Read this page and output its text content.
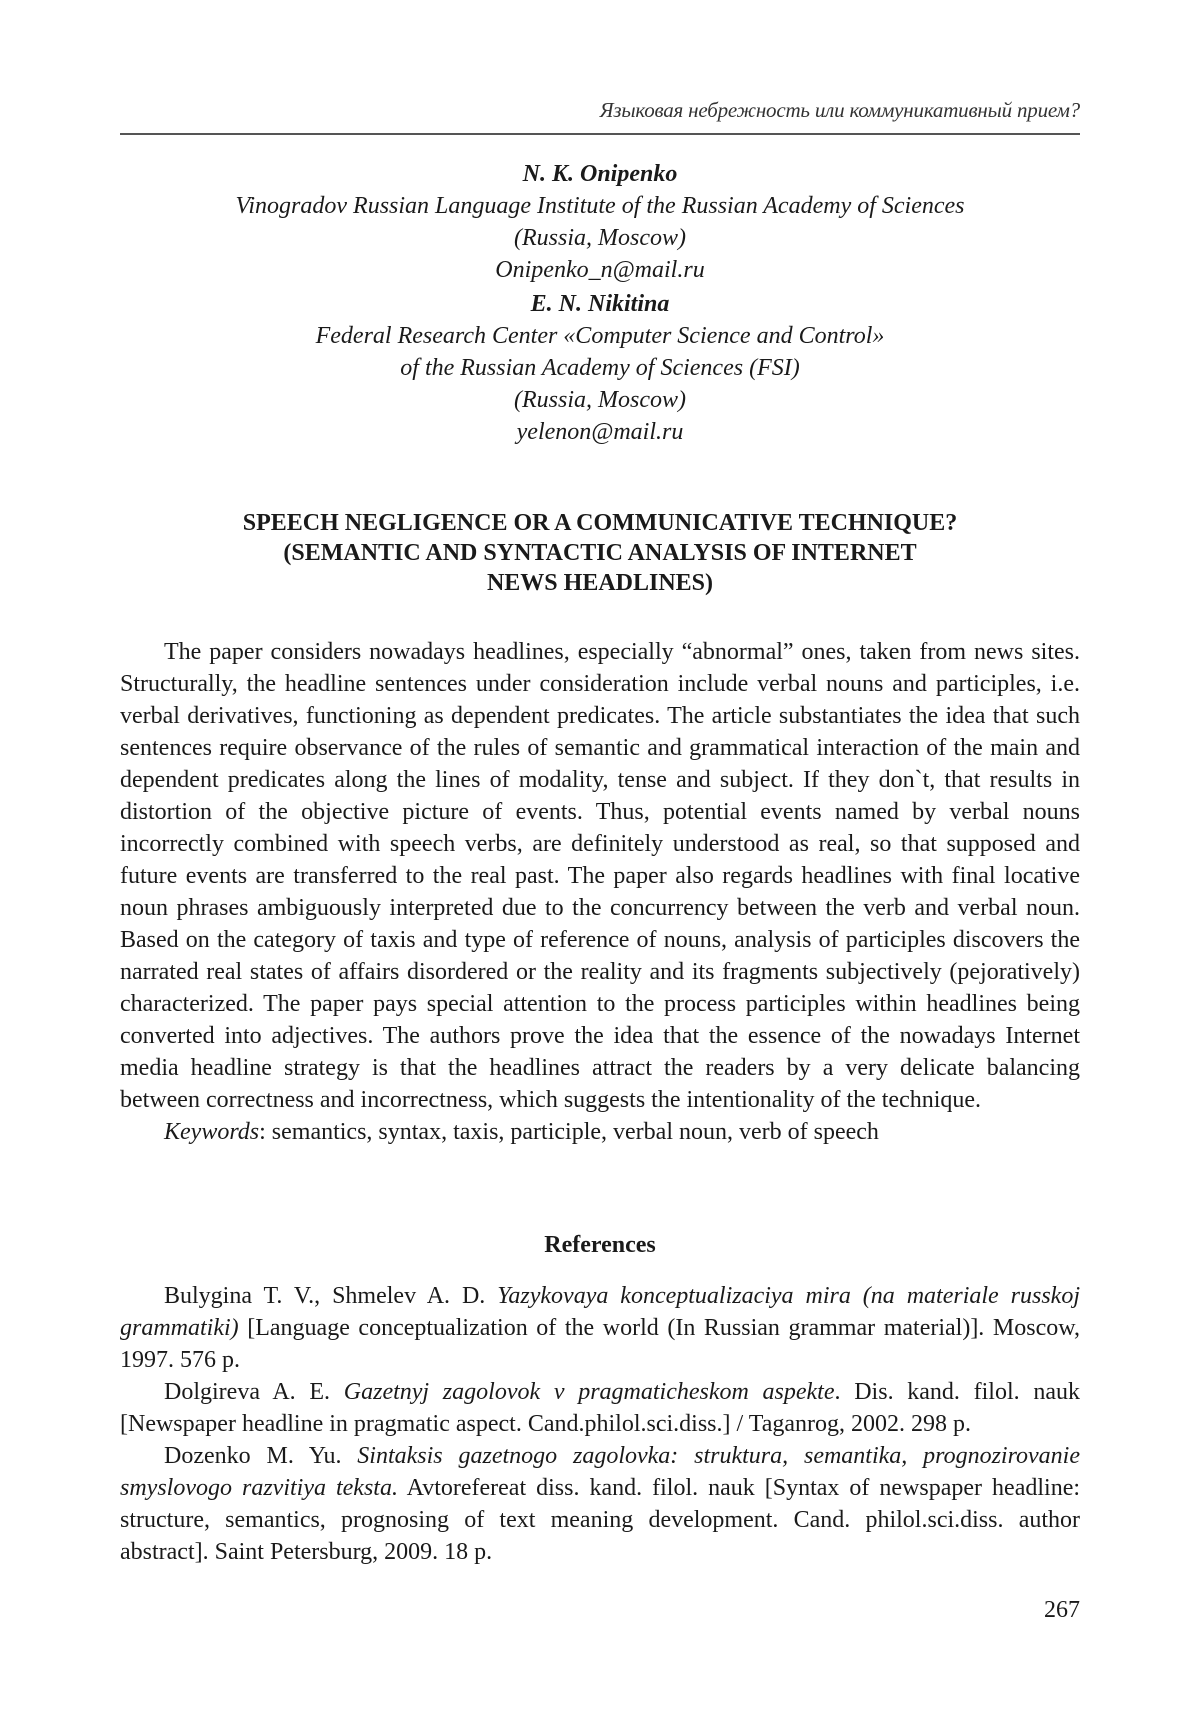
Языковая небрежность или коммуникативный прием?
N. K. Onipenko
Vinogradov Russian Language Institute of the Russian Academy of Sciences
(Russia, Moscow)
Onipenko_n@mail.ru
E. N. Nikitina
Federal Research Center «Computer Science and Control»
of the Russian Academy of Sciences (FSI)
(Russia, Moscow)
yelenon@mail.ru
SPEECH NEGLIGENCE OR A COMMUNICATIVE TECHNIQUE?
(SEMANTIC AND SYNTACTIC ANALYSIS OF INTERNET
NEWS HEADLINES)

The paper considers nowadays headlines, especially “abnormal” ones, taken from news sites. Structurally, the headline sentences under consideration include verbal nouns and participles, i.e. verbal derivatives, functioning as dependent predicates. The article substantiates the idea that such sentences require observance of the rules of semantic and grammatical interaction of the main and dependent predicates along the lines of modality, tense and subject. If they don`t, that results in distortion of the objective picture of events. Thus, potential events named by verbal nouns incorrectly combined with speech verbs, are definitely understood as real, so that supposed and future events are transferred to the real past. The paper also regards headlines with final locative noun phrases ambiguously interpreted due to the concurrency between the verb and verbal noun. Based on the category of taxis and type of reference of nouns, analysis of participles discovers the narrated real states of affairs disordered or the reality and its fragments subjectively (pejoratively) characterized. The paper pays special attention to the process participles within headlines being converted into adjectives. The authors prove the idea that the essence of the nowadays Internet media headline strategy is that the headlines attract the readers by a very delicate balancing between correctness and incorrectness, which suggests the intentionality of the technique.

Keywords: semantics, syntax, taxis, participle, verbal noun, verb of speech

References

Bulygina T. V., Shmelev A. D. Yazykovaya konceptualizaciya mira (na materiale russkoj grammatiki) [Language conceptualization of the world (In Russian grammar material)]. Moscow, 1997. 576 p.

Dolgireva A. E. Gazetnyj zagolovok v pragmaticheskom aspekte. Dis. kand. filol. nauk [Newspaper headline in pragmatic aspect. Cand.philol.sci.diss.] / Taganrog, 2002. 298 p.

Dozenko M. Yu. Sintaksis gazetnogo zagolovka: struktura, semantika, prognozirovanie smyslovogo razvitiya teksta. Avtorefereat diss. kand. filol. nauk [Syntax of newspaper headline: structure, semantics, prognosing of text meaning development. Cand. philol.sci.diss. author abstract]. Saint Petersburg, 2009. 18 p.

267
